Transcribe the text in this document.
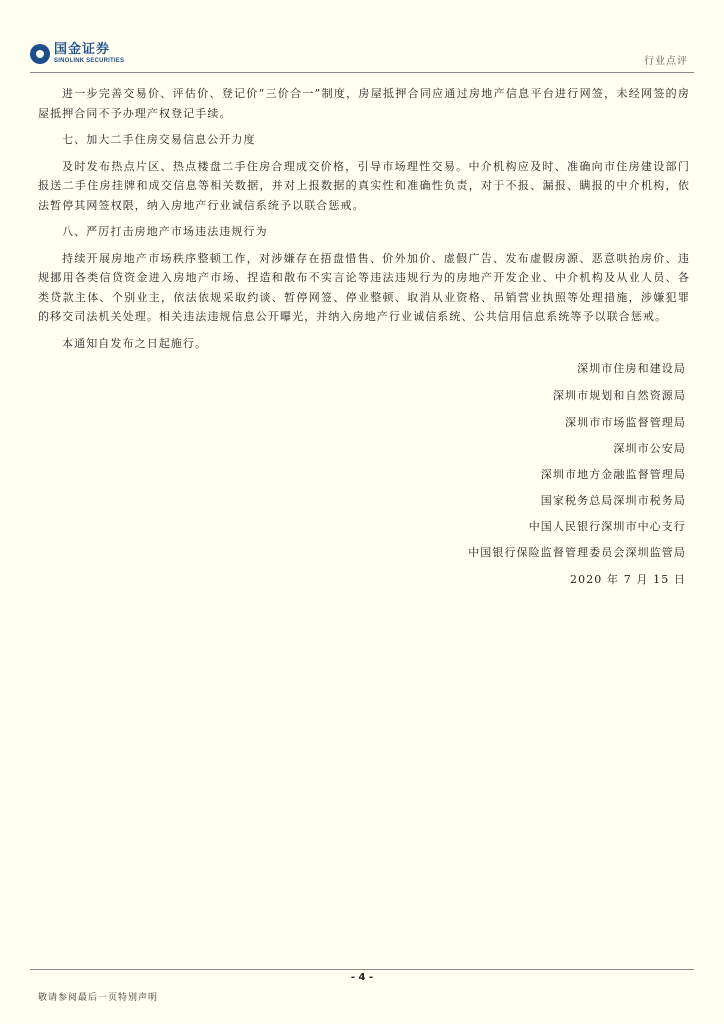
国金证券
SINOLINK SECURITIES	行业点评

进一步完善交易价、评估价、登记价“三价合一”制度，房屋抵押合同应通过房地产信息平台进行网签，未经网签的房屋抵押合同不予办理产权登记手续。

七、加大二手住房交易信息公开力度

及时发布热点片区、热点楼盘二手住房合理成交价格，引导市场理性交易。中介机构应及时、准确向市住房建设部门报送二手住房挂牌和成交信息等相关数据，并对上报数据的真实性和准确性负责，对于不报、漏报、瞒报的中介机构，依法暂停其网签权限，纳入房地产行业诚信系统予以联合惩戒。

八、严厉打击房地产市场违法违规行为

持续开展房地产市场秩序整顿工作，对涉嫌存在捂盘惜售、价外加价、虚假广告、发布虚假房源、恶意哄抬房价、违规挪用各类信贷资金进入房地产市场、捏造和散布不实言论等违法违规行为的房地产开发企业、中介机构及从业人员、各类贷款主体、个别业主，依法依规采取约谈、暂停网签、停业整顿、取消从业资格、吊销营业执照等处理措施，涉嫌犯罪的移交司法机关处理。相关违法违规信息公开曝光，并纳入房地产行业诚信系统、公共信用信息系统等予以联合惩戒。

本通知自发布之日起施行。

深圳市住房和建设局
深圳市规划和自然资源局
深圳市市场监督管理局
深圳市公安局
深圳市地方金融监督管理局
国家税务总局深圳市税务局
中国人民银行深圳市中心支行
中国银行保险监督管理委员会深圳监管局
2020 年 7 月 15 日
- 4 -
敬请参阅最后一页特别声明
